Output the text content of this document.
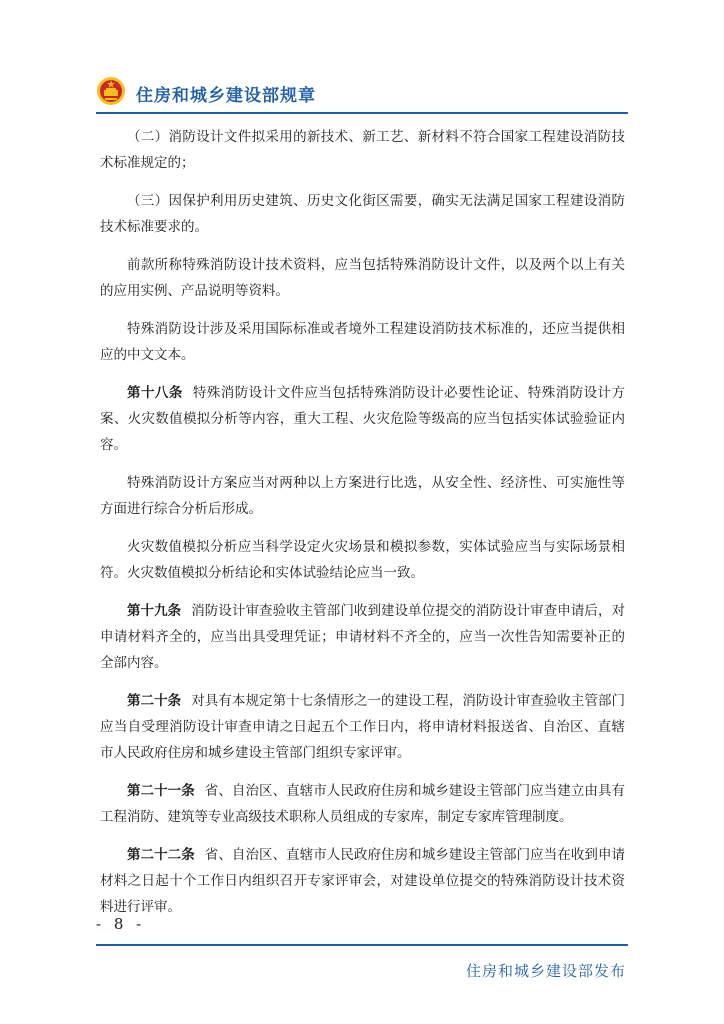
住房和城乡建设部规章

（二）消防设计文件拟采用的新技术、新工艺、新材料不符合国家工程建设消防技术标准规定的；

（三）因保护利用历史建筑、历史文化街区需要，确实无法满足国家工程建设消防技术标准要求的。

前款所称特殊消防设计技术资料，应当包括特殊消防设计文件，以及两个以上有关的应用实例、产品说明等资料。

特殊消防设计涉及采用国际标准或者境外工程建设消防技术标准的，还应当提供相应的中文文本。

第十八条 特殊消防设计文件应当包括特殊消防设计必要性论证、特殊消防设计方案、火灾数值模拟分析等内容，重大工程、火灾危险等级高的应当包括实体试验验证内容。

特殊消防设计方案应当对两种以上方案进行比选，从安全性、经济性、可实施性等方面进行综合分析后形成。

火灾数值模拟分析应当科学设定火灾场景和模拟参数，实体试验应当与实际场景相符。火灾数值模拟分析结论和实体试验结论应当一致。

第十九条 消防设计审查验收主管部门收到建设单位提交的消防设计审查申请后，对申请材料齐全的，应当出具受理凭证；申请材料不齐全的，应当一次性告知需要补正的全部内容。

第二十条 对具有本规定第十七条情形之一的建设工程，消防设计审查验收主管部门应当自受理消防设计审查申请之日起五个工作日内，将申请材料报送省、自治区、直辖市人民政府住房和城乡建设主管部门组织专家评审。

第二十一条 省、自治区、直辖市人民政府住房和城乡建设主管部门应当建立由具有工程消防、建筑等专业高级技术职称人员组成的专家库，制定专家库管理制度。

第二十二条 省、自治区、直辖市人民政府住房和城乡建设主管部门应当在收到申请材料之日起十个工作日内组织召开专家评审会，对建设单位提交的特殊消防设计技术资料进行评审。

- 8 -
住房和城乡建设部发布
